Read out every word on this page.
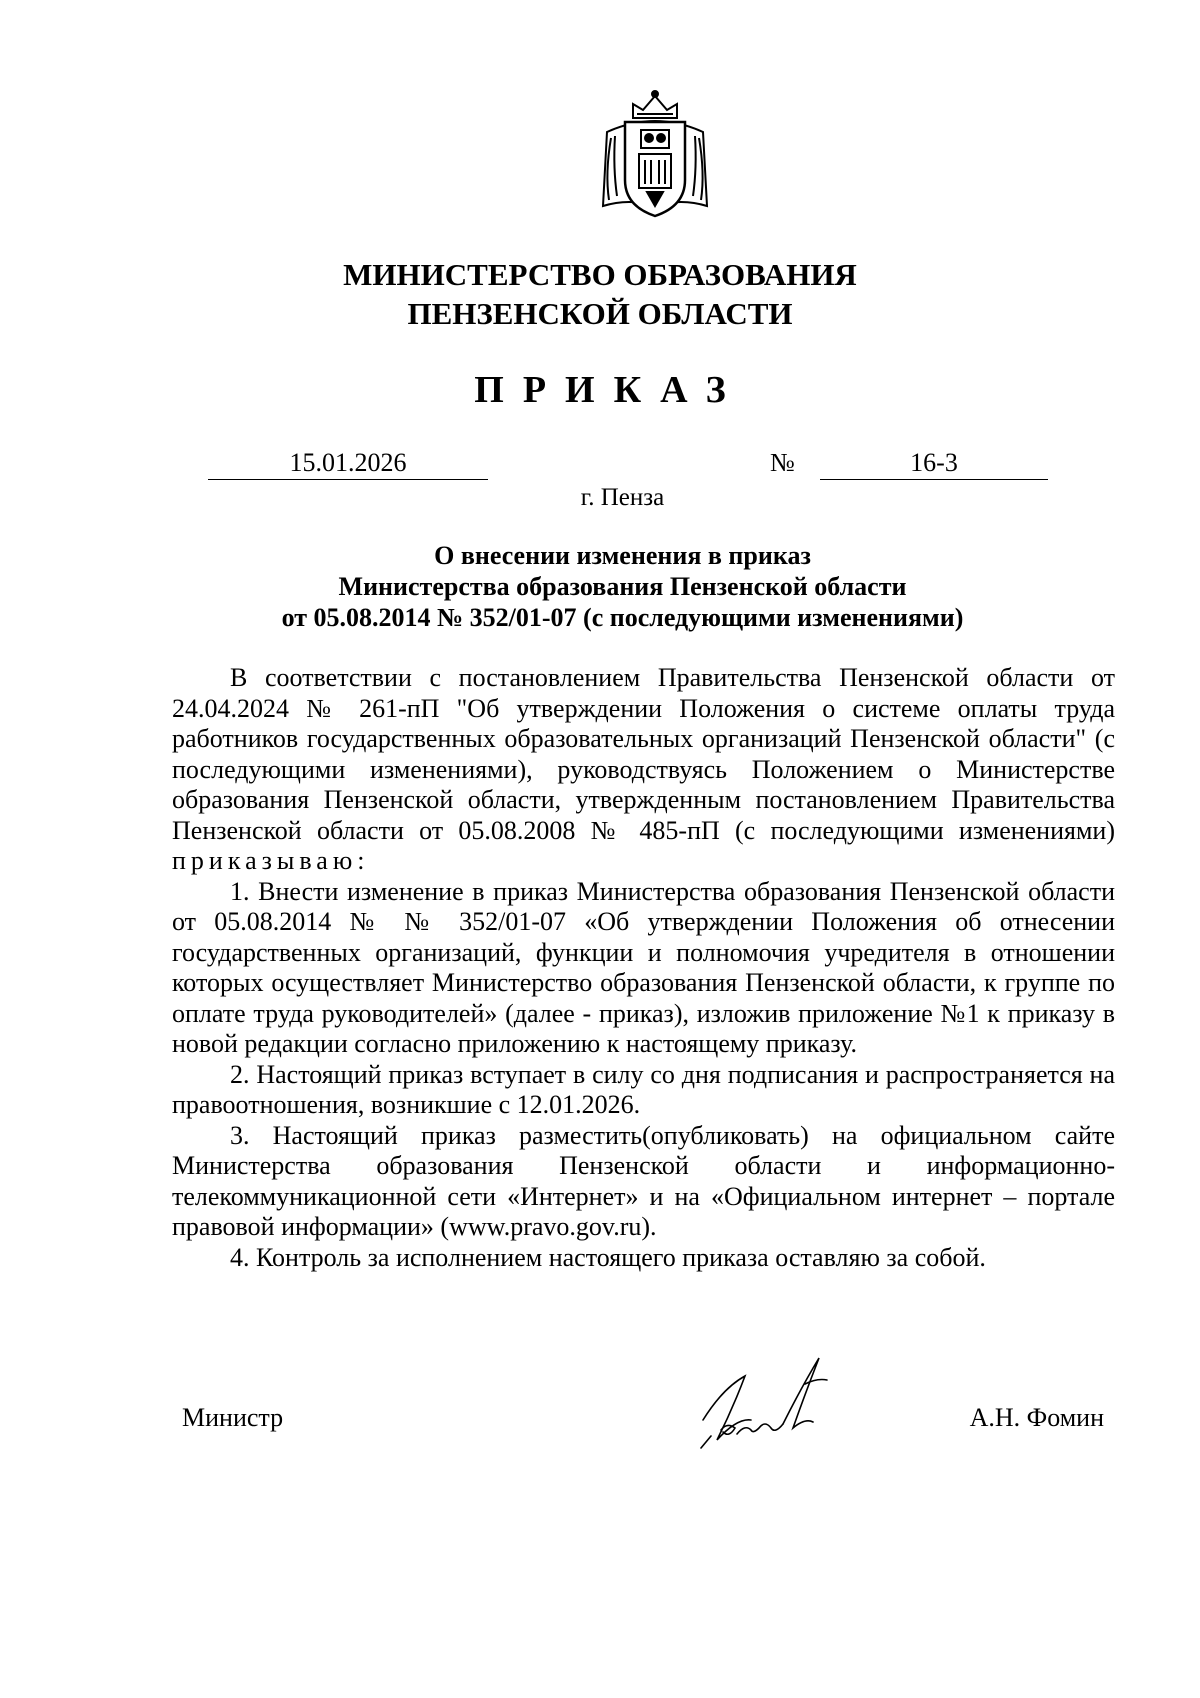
МИНИСТЕРСТВО ОБРАЗОВАНИЯ
ПЕНЗЕНСКОЙ ОБЛАСТИ
ПРИКАЗ
15.01.2026	№	16-3
г. Пенза
О внесении изменения в приказ
Министерства образования Пензенской области
от 05.08.2014 № 352/01-07 (с последующими изменениями)

В соответствии с постановлением Правительства Пензенской области от 24.04.2024 № 261-пП "Об утверждении Положения о системе оплаты труда работников государственных образовательных организаций Пензенской области" (с последующими изменениями), руководствуясь Положением о Министерстве образования Пензенской области, утвержденным постановлением Правительства Пензенской области от 05.08.2008 № 485-пП (с последующими изменениями) приказываю:

1. Внести изменение в приказ Министерства образования Пензенской области от 05.08.2014 № № 352/01-07 «Об утверждении Положения об отнесении государственных организаций, функции и полномочия учредителя в отношении которых осуществляет Министерство образования Пензенской области, к группе по оплате труда руководителей» (далее - приказ), изложив приложение №1 к приказу в новой редакции согласно приложению к настоящему приказу.

2. Настоящий приказ вступает в силу со дня подписания и распространяется на правоотношения, возникшие с 12.01.2026.

3. Настоящий приказ разместить(опубликовать) на официальном сайте Министерства образования Пензенской области и информационно-телекоммуникационной сети «Интернет» и на «Официальном интернет – портале правовой информации» (www.pravo.gov.ru).

4. Контроль за исполнением настоящего приказа оставляю за собой.

Министр	А.Н. Фомин
